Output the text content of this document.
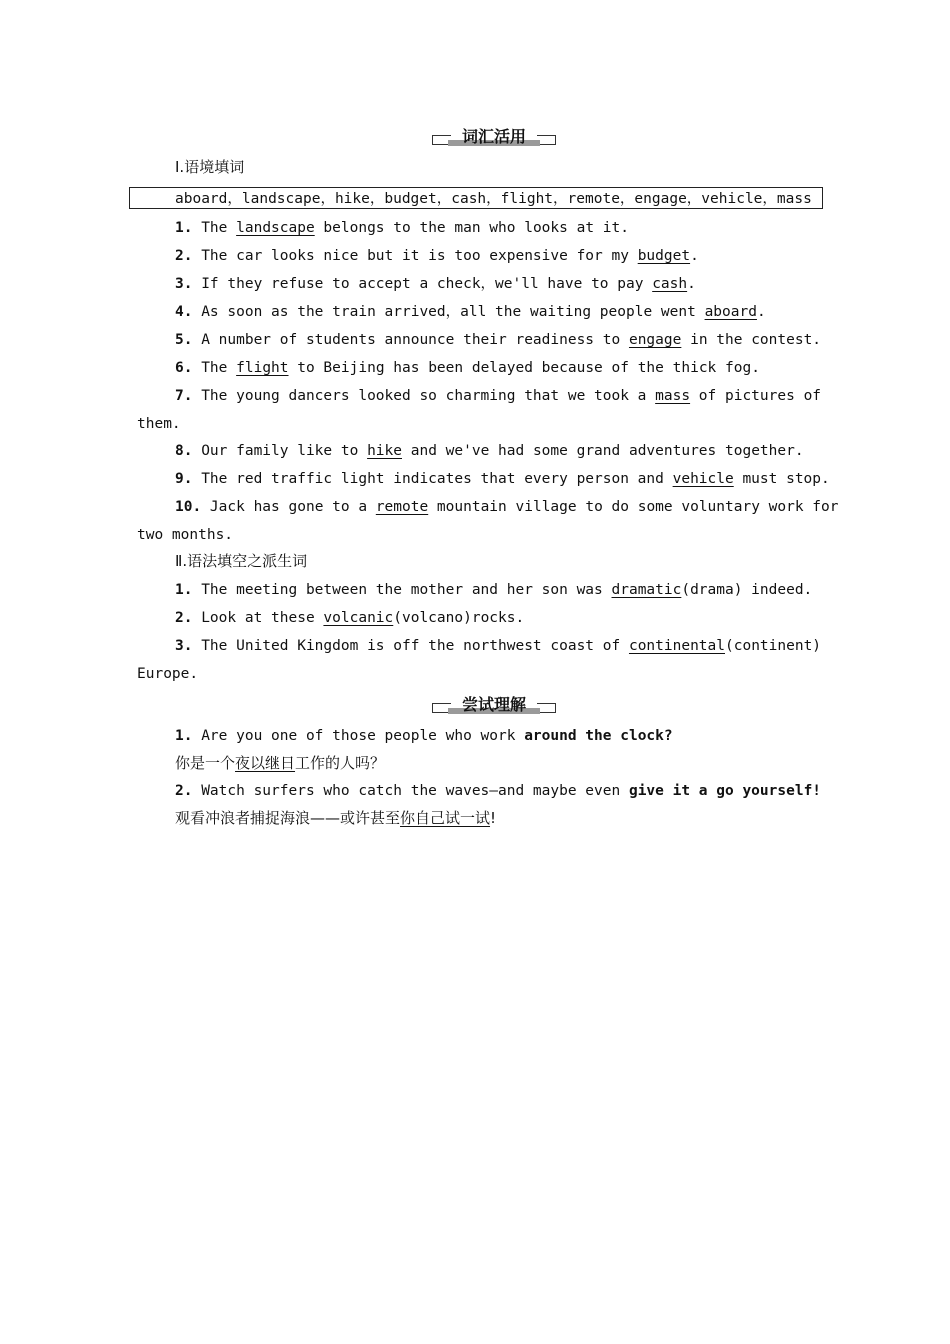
词汇活用
Ⅰ.语境填词
aboard，landscape，hike，budget，cash，flight，remote，engage，vehicle，mass
1. The landscape belongs to the man who looks at it.
2. The car looks nice but it is too expensive for my budget.
3. If they refuse to accept a check，we'll have to pay cash.
4. As soon as the train arrived，all the waiting people went aboard.
5. A number of students announce their readiness to engage in the contest.
6. The flight to Beijing has been delayed because of the thick fog.
7. The young dancers looked so charming that we took a mass of pictures of
them.
8. Our family like to hike and we've had some grand adventures together.
9. The red traffic light indicates that every person and vehicle must stop.
10. Jack has gone to a remote mountain village to do some voluntary work for
two months.
Ⅱ.语法填空之派生词
1. The meeting between the mother and her son was dramatic(drama) indeed.
2. Look at these volcanic(volcano)rocks.
3. The United Kingdom is off the northwest coast of continental(continent)
Europe.
尝试理解
1. Are you one of those people who work around the clock?
你是一个夜以继日工作的人吗？
2. Watch surfers who catch the waves—and maybe even give it a go yourself!
观看冲浪者捕捉海浪——或许甚至你自己试一试!
